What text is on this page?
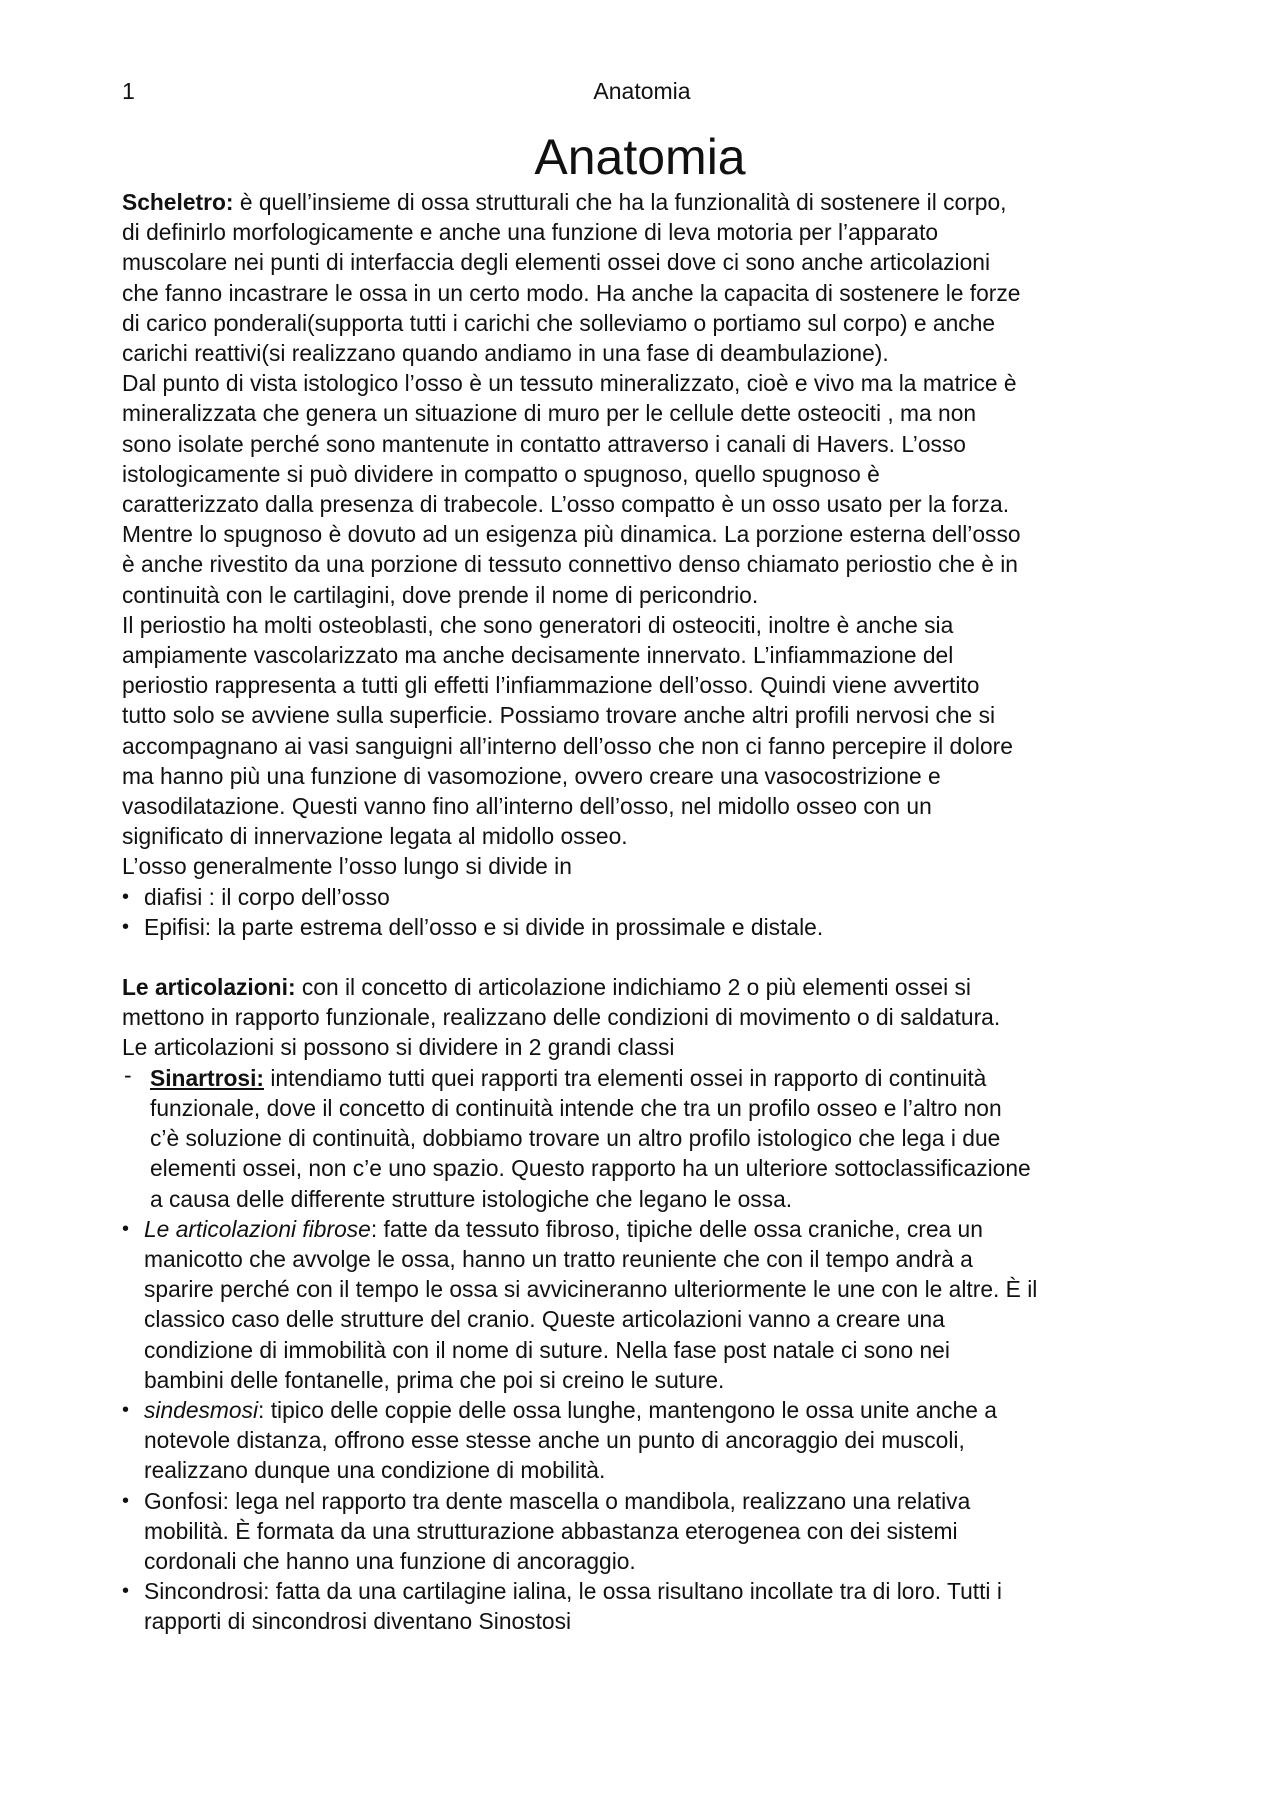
1	Anatomia
Anatomia

Scheletro: è quell’insieme di ossa strutturali che ha la funzionalità di sostenere il corpo,
di definirlo morfologicamente e anche una funzione di leva motoria per l’apparato
muscolare nei punti di interfaccia degli elementi ossei dove ci sono anche articolazioni
che fanno incastrare le ossa in un certo modo. Ha anche la capacita di sostenere le forze
di carico ponderali(supporta tutti i carichi che solleviamo o portiamo sul corpo) e anche
carichi reattivi(si realizzano quando andiamo in una fase di deambulazione).

Dal punto di vista istologico l’osso è un tessuto mineralizzato, cioè e vivo ma la matrice è
mineralizzata che genera un situazione di muro per le cellule dette osteociti , ma non
sono isolate perché sono mantenute in contatto attraverso i canali di Havers. L’osso
istologicamente si può dividere in compatto o spugnoso, quello spugnoso è
caratterizzato dalla presenza di trabecole. L’osso compatto è un osso usato per la forza.
Mentre lo spugnoso è dovuto ad un esigenza più dinamica. La porzione esterna dell’osso
è anche rivestito da una porzione di tessuto connettivo denso chiamato periostio che è in
continuità con le cartilagini, dove prende il nome di pericondrio.

Il periostio ha molti osteoblasti, che sono generatori di osteociti, inoltre è anche sia
ampiamente vascolarizzato ma anche decisamente innervato. L’infiammazione del
periostio rappresenta a tutti gli effetti l’infiammazione dell’osso. Quindi viene avvertito
tutto solo se avviene sulla superficie. Possiamo trovare anche altri profili nervosi che si
accompagnano ai vasi sanguigni all’interno dell’osso che non ci fanno percepire il dolore
ma hanno più una funzione di vasomozione, ovvero creare una vasocostrizione e
vasodilatazione. Questi vanno fino all’interno dell’osso, nel midollo osseo con un
significato di innervazione legata al midollo osseo.

L’osso generalmente l’osso lungo si divide in

• diafisi : il corpo dell’osso
• Epifisi: la parte estrema dell’osso e si divide in prossimale e distale.

Le articolazioni: con il concetto di articolazione indichiamo 2 o più elementi ossei si
mettono in rapporto funzionale, realizzano delle condizioni di movimento o di saldatura.
Le articolazioni si possono si dividere in 2 grandi classi

- Sinartrosi: intendiamo tutti quei rapporti tra elementi ossei in rapporto di continuità
funzionale, dove il concetto di continuità intende che tra un profilo osseo e l’altro non
c’è soluzione di continuità, dobbiamo trovare un altro profilo istologico che lega i due
elementi ossei, non c’e uno spazio. Questo rapporto ha un ulteriore sottoclassificazione
a causa delle differente strutture istologiche che legano le ossa.
• Le articolazioni fibrose: fatte da tessuto fibroso, tipiche delle ossa craniche, crea un
manicotto che avvolge le ossa, hanno un tratto reuniente che con il tempo andrà a
sparire perché con il tempo le ossa si avvicineranno ulteriormente le une con le altre. È il
classico caso delle strutture del cranio. Queste articolazioni vanno a creare una
condizione di immobilità con il nome di suture. Nella fase post natale ci sono nei
bambini delle fontanelle, prima che poi si creino le suture.
• sindesmosi: tipico delle coppie delle ossa lunghe, mantengono le ossa unite anche a
notevole distanza, offrono esse stesse anche un punto di ancoraggio dei muscoli,
realizzano dunque una condizione di mobilità.
• Gonfosi: lega nel rapporto tra dente mascella o mandibola, realizzano una relativa
mobilità. È formata da una strutturazione abbastanza eterogenea con dei sistemi
cordonali che hanno una funzione di ancoraggio.
• Sincondrosi: fatta da una cartilagine ialina, le ossa risultano incollate tra di loro. Tutti i
rapporti di sincondrosi diventano Sinostosi
